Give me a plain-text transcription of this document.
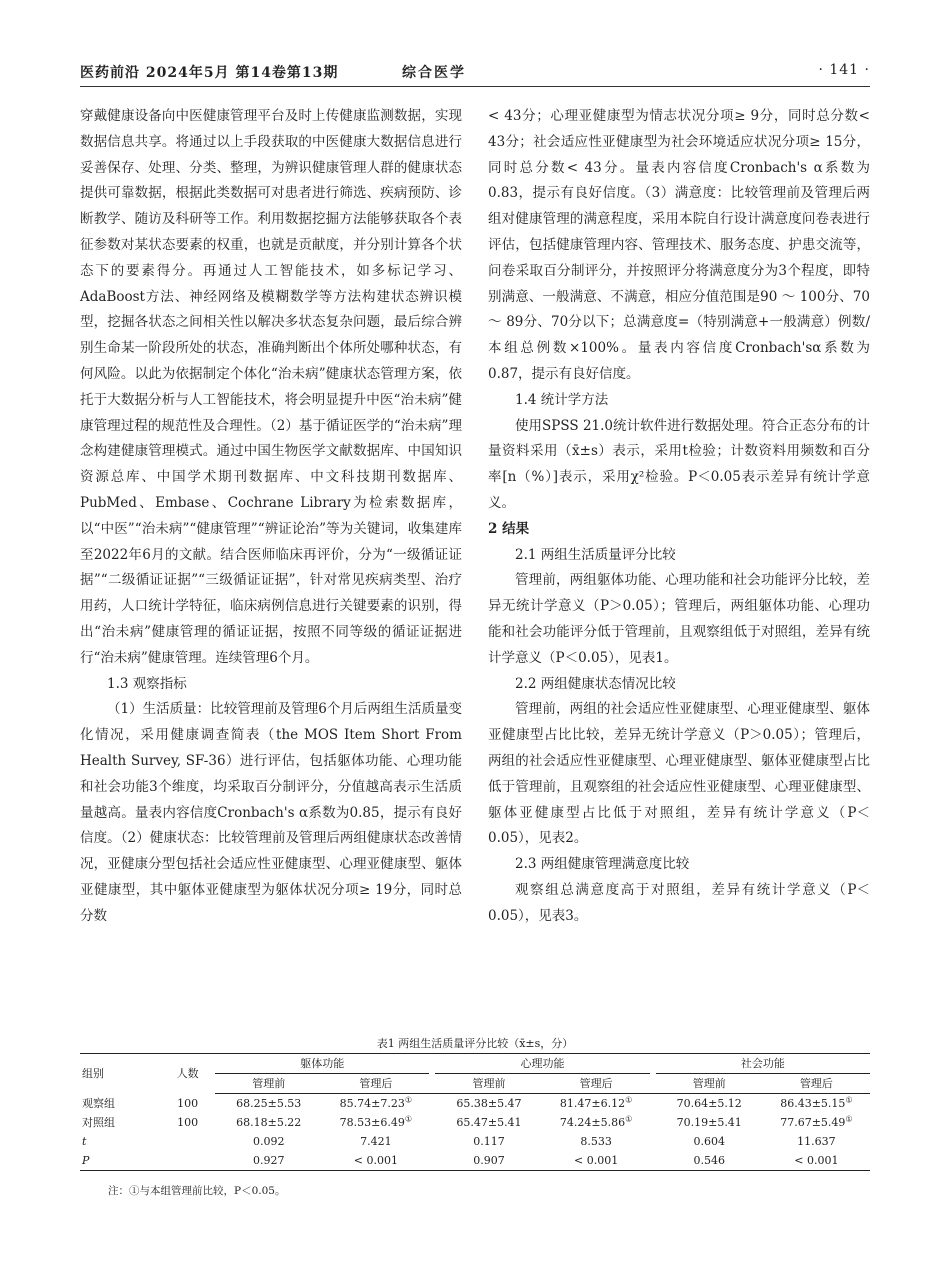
医药前沿 2024年5月 第14卷第13期	综合医学	· 141 ·

穿戴健康设备向中医健康管理平台及时上传健康监测数据，实现数据信息共享。将通过以上手段获取的中医健康大数据信息进行妥善保存、处理、分类、整理，为辨识健康管理人群的健康状态提供可靠数据，根据此类数据可对患者进行筛选、疾病预防、诊断教学、随访及科研等工作。利用数据挖掘方法能够获取各个表征参数对某状态要素的权重，也就是贡献度，并分别计算各个状态下的要素得分。再通过人工智能技术，如多标记学习、AdaBoost方法、神经网络及模糊数学等方法构建状态辨识模型，挖掘各状态之间相关性以解决多状态复杂问题，最后综合辨别生命某一阶段所处的状态，准确判断出个体所处哪种状态，有何风险。以此为依据制定个体化“治未病”健康状态管理方案，依托于大数据分析与人工智能技术，将会明显提升中医“治未病”健康管理过程的规范性及合理性。（2）基于循证医学的“治未病”理念构建健康管理模式。通过中国生物医学文献数据库、中国知识资源总库、中国学术期刊数据库、中文科技期刊数据库、PubMed、Embase、Cochrane Library为检索数据库，以“中医”“治未病”“健康管理”“辨证论治”等为关键词，收集建库至2022年6月的文献。结合医师临床再评价，分为“一级循证证据”“二级循证证据”“三级循证证据”，针对常见疾病类型、治疗用药，人口统计学特征，临床病例信息进行关键要素的识别，得出“治未病”健康管理的循证证据，按照不同等级的循证证据进行“治未病”健康管理。连续管理6个月。

1.3 观察指标

（1）生活质量：比较管理前及管理6个月后两组生活质量变化情况，采用健康调查简表（the MOS Item Short From Health Survey, SF-36）进行评估，包括躯体功能、心理功能和社会功能3个维度，均采取百分制评分，分值越高表示生活质量越高。量表内容信度Cronbach's α系数为0.85，提示有良好信度。（2）健康状态：比较管理前及管理后两组健康状态改善情况，亚健康分型包括社会适应性亚健康型、心理亚健康型、躯体亚健康型，其中躯体亚健康型为躯体状况分项≥ 19分，同时总分数

< 43分；心理亚健康型为情志状况分项≥ 9分，同时总分数< 43分；社会适应性亚健康型为社会环境适应状况分项≥ 15分，同时总分数< 43分。量表内容信度Cronbach's α系数为0.83，提示有良好信度。（3）满意度：比较管理前及管理后两组对健康管理的满意程度，采用本院自行设计满意度问卷表进行评估，包括健康管理内容、管理技术、服务态度、护患交流等，问卷采取百分制评分，并按照评分将满意度分为3个程度，即特别满意、一般满意、不满意，相应分值范围是90 ～ 100分、70 ～ 89分、70分以下；总满意度=（特别满意+一般满意）例数/本组总例数×100%。量表内容信度Cronbach'sα系数为0.87，提示有良好信度。

1.4 统计学方法

使用SPSS 21.0统计软件进行数据处理。符合正态分布的计量资料采用（x̄±s）表示，采用t检验；计数资料用频数和百分率[n（%）]表示，采用χ²检验。P＜0.05表示差异有统计学意义。

2 结果

2.1 两组生活质量评分比较

管理前，两组躯体功能、心理功能和社会功能评分比较，差异无统计学意义（P＞0.05）；管理后，两组躯体功能、心理功能和社会功能评分低于管理前，且观察组低于对照组，差异有统计学意义（P＜0.05），见表1。

2.2 两组健康状态情况比较

管理前，两组的社会适应性亚健康型、心理亚健康型、躯体亚健康型占比比较，差异无统计学意义（P＞0.05）；管理后，两组的社会适应性亚健康型、心理亚健康型、躯体亚健康型占比低于管理前，且观察组的社会适应性亚健康型、心理亚健康型、躯体亚健康型占比低于对照组，差异有统计学意义（P＜0.05），见表2。

2.3 两组健康管理满意度比较

观察组总满意度高于对照组，差异有统计学意义（P＜0.05），见表3。

表1 两组生活质量评分比较（x̄±s，分）
组别	人数	躯体功能			心理功能			社会功能	
		管理前	管理后		管理前	管理后		管理前	管理后
观察组	100	68.25±5.53	85.74±7.23①		65.38±5.47	81.47±6.12①		70.64±5.12	86.43±5.15①
对照组	100	68.18±5.22	78.53±6.49①		65.47±5.41	74.24±5.86①		70.19±5.41	77.67±5.49①
t		0.092	7.421		0.117	8.533		0.604	11.637
P		0.927	< 0.001		0.907	< 0.001		0.546	< 0.001
注：①与本组管理前比较，P＜0.05。
